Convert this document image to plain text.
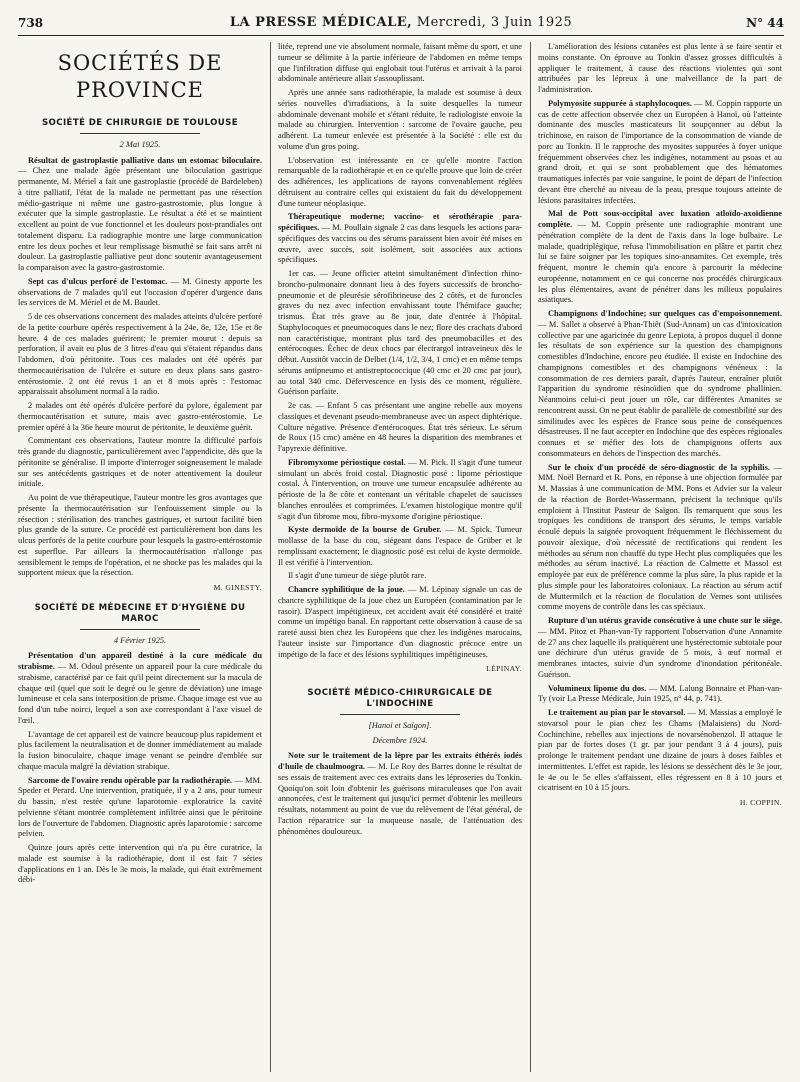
738	LA PRESSE MÉDICALE, Mercredi, 3 Juin 1925	N° 44
SOCIÉTÉS DE PROVINCE
SOCIÉTÉ DE CHIRURGIE DE TOULOUSE
2 Mai 1925.

Résultat de gastroplastie palliative dans un estomac biloculaire. — Chez une malade âgée présentant une biloculation gastrique permanente, M. Mériel a fait une gastroplastie (procédé de Bardeleben) à titre palliatif, l'état de la malade ne permettant pas une résection médio-gastrique ni même une gastro-gastrostomie, plus longue à exécuter que la simple gastroplastie. Le résultat a été et se maintient excellent au point de vue fonctionnel et les douleurs post-prandiales ont totalement disparu. La radiographie montre une large communication entre les deux poches et leur remplissage bismuthé se fait sans arrêt ni douleur. La gastroplastie palliative peut donc soutenir avantageusement la comparaison avec la gastro-gastrostomie.

Sept cas d'ulcus perforé de l'estomac. — M. Ginesty apporte les observations de 7 malades qu'il eut l'occasion d'opérer d'urgence dans les services de M. Mériel et de M. Baudet.

5 de ces observations concernent des malades atteints d'ulcère perforé de la petite courbure opérés respectivement à la 24e, 8e, 12e, 15e et 8e heure. 4 de ces malades guérirent; le premier mourut : depuis sa perforation, il avait eu plus de 3 litres d'eau qui s'étaient répandus dans l'abdomen, d'où péritonite. Tous ces malades ont été opérés par thermocautérisation de l'ulcère et suture en deux plans sans gastro-entérostomie. 2 ont été revus 1 an et 8 mois après : l'estomac apparaissait absolument normal à la radio.

2 malades ont été opérés d'ulcère perforé du pylore, également par thermocautérisation et suture, mais avec gastro-entérostomie. Le premier opéré à la 36e heure mourut de péritonite, le deuxième guérit.

Commentant ces observations, l'auteur montre la difficulté parfois très grande du diagnostic, particulièrement avec l'appendicite, dès que la péritonite se généralise. Il importe d'interroger soigneusement le malade sur ses antécédents gastriques et de noter attentivement la douleur initiale.

Au point de vue thérapeutique, l'auteur montre les gros avantages que présente la thermocautérisation sur l'enfouissement simple ou la résection : stérilisation des tranches gastriques, et surtout facilité bien plus grande de la suture. Ce procédé est particulièrement bon dans les ulcus perforés de la petite courbure pour lesquels la gastro-entérostomie est superflue. Par ailleurs la thermocautérisation n'allonge pas sensiblement le temps de l'opération, et ne shocke pas les malades qui la supportent mieux que la résection.

M. GINESTY.
SOCIÉTÉ DE MÉDECINE ET D'HYGIÈNE DU MAROC
4 Février 1925.

Présentation d'un appareil destiné à la cure médicale du strabisme. — M. Odoul présente un appareil pour la cure médicale du strabisme, caractérisé par ce fait qu'il peint directement sur la macula de chaque œil (quel que soit le degré ou le genre de déviation) une image lumineuse et cela sans interposition de prisme. Chaque image est vue au fond d'un tube noirci, lequel a son axe correspondant à l'axe visuel de l'œil.

L'avantage de cet appareil est de vaincre beaucoup plus rapidement et plus facilement la neutralisation et de donner immédiatement au malade la fusion binoculaire, chaque image venant se peindre d'emblée sur chaque macula malgré la déviation strabique.

Sarcome de l'ovaire rendu opérable par la radiothérapie. — MM. Speder et Perard. Une intervention, pratiquée, il y a 2 ans, pour tumeur du bassin, n'est restée qu'une laparotomie exploratrice la cavité pelvienne s'étant montrée complètement infiltrée ainsi que le péritoine lors de l'ouverture de l'abdomen. Diagnostic après laparotomie : sarcome pelvien.

Quinze jours après cette intervention qui n'a pu être curatrice, la malade est soumise à la radiothérapie, dont il est fait 7 séries d'applications en 1 an. Dès le 3e mois, la malade, qui était extrêmement débi-

litée, reprend une vie absolument normale, faisant même du sport, et une tumeur se délimite à la partie inférieure de l'abdomen en même temps que l'infiltration diffuse qui englobait tout l'utérus et arrivait à la paroi abdominale antérieure allait s'assouplissant.

Après une année sans radiothérapie, la malade est soumise à deux séries nouvelles d'irradiations, à la suite desquelles la tumeur abdominale devenant mobile et s'étant réduite, le radiologiste envoie la malade au chirurgien. Intervention : sarcome de l'ovaire gauche, peu adhérent. La tumeur enlevée est présentée à la Société : elle est du volume d'un gros poing.

L'observation est intéressante en ce qu'elle montre l'action remarquable de la radiothérapie et en ce qu'elle prouve que loin de créer des adhérences, les applications de rayons convenablement réglées détruisent au contraire celles qui existaient du fait du développement d'une tumeur néoplasique.

Thérapeutique moderne; vaccino- et sérothérapie para-spécifiques. — M. Poullain signale 2 cas dans lesquels les actions para-spécifiques des vaccins ou des sérums paraissent bien avoir été mises en œuvre, avec succès, soit isolément, soit associées aux actions spécifiques.

1er cas. — Jeune officier atteint simultanément d'infection rhino-broncho-pulmonaire donnant lieu à des foyers successifs de broncho-pneumonie et de pleurésie sérofibrineuse des 2 côtés, et de furoncles graves du nez avec infection envahissant toute l'hémiface gauche; trismus. État très grave au 8e jour, date d'entrée à l'hôpital. Staphylocoques et pneumocoques dans le nez; flore des crachats d'abord non caractéristique, montrant plus tard des pneumobacilles et des entérocoques. Échec de deux chocs par électrargol intraveineux dès le début. Aussitôt vaccin de Delbet (1/4, 1/2, 3/4, 1 cmc) et en même temps sérums antipneumo et antistreptococcique (40 cmc et 20 cmc par jour), au total 340 cmc. Défervescence en lysis dès ce moment, régulière. Guérison parfaite.

2e cas. — Enfant 5 cas présentant une angine rebelle aux moyens classiques et devenant pseudo-membraneuse avec un aspect diphtérique. Culture négative. Présence d'entérocoques. État très sérieux. Le sérum de Roux (15 cmc) amène en 48 heures la disparition des membranes et l'apyrexie définitive.

Fibromyxome périostique costal. — M. Pick. Il s'agit d'une tumeur simulant un abcès froid costal. Diagnostic posé : lipome périostique costal. À l'intervention, on trouve une tumeur encapsulée adhérente au périoste de la 8e côte et contenant un véritable chapelet de saucisses blanches enroulées et comprimées. L'examen histologique montre qu'il s'agit d'un fibrome mou, fibro-myxome d'origine périostique.

Kyste dermoïde de la bourse de Gruber. — M. Spick. Tumeur mollasse de la base du cou, siégeant dans l'espace de Grüber et le remplissant exactement; le diagnostic posé est celui de kyste dermoïde. Il est vérifié à l'intervention.

Il s'agit d'une tumeur de siège plutôt rare.

Chancre syphilitique de la joue. — M. Lépinay signale un cas de chancre syphilitique de la joue chez un Européen (contamination par le rasoir). D'aspect impétigineux, cet accident avait été considéré et traité comme un impétigo banal. En rapportant cette observation à cause de sa rareté aussi bien chez les Européens que chez les indigènes marocains, l'auteur insiste sur l'importance d'un diagnostic précoce entre un impétigo de la face et des lésions syphilitiques impétigineuses.

LÉPINAY.
SOCIÉTÉ MÉDICO-CHIRURGICALE DE L'INDOCHINE
[Hanoï et Saïgon].
Décembre 1924.

Note sur le traitement de la lèpre par les extraits éthérés iodés d'huile de chaulmoogra. — M. Le Roy des Barres donne le résultat de ses essais de traitement avec ces extraits dans les léproseries du Tonkin. Quoiqu'on soit loin d'obtenir les guérisons miraculeuses que l'on avait annoncées, c'est le traitement qui jusqu'ici permet d'obtenir les meilleurs résultats, notamment au point de vue du relèvement de l'état général, de l'action réparatrice sur la muqueuse nasale, de l'atténuation des phénomènes douloureux.

L'amélioration des lésions cutanées est plus lente à se faire sentir et moins constante. On éprouve au Tonkin d'assez grosses difficultés à appliquer le traitement, à cause des réactions violentes qui sont attribuées par les lépreux à une malveillance de la part de l'administration.

Polymyosite suppurée à staphylocoques. — M. Coppin rapporte un cas de cette affection observée chez un Européen à Hanoï, où l'atteinte dominante des muscles masticateurs lit soupçonner au début la trichinose, en raison de l'importance de la consommation de viande de porc au Tonkin. Il le rapproche des myosites suppurées à foyer unique fréquemment observées chez les indigènes, notamment au psoas et au grand droit, et qui se sont probablement que des hématomes traumatiques infectés par voie sanguine, le point de départ de l'infection devant être cherché au niveau de la peau, presque toujours atteinte de lésions parasitaires infectées.

Mal de Pott sous-occipital avec luxation atloïdo-axoïdienne complète. — M. Coppin présente une radiographie montrant une pénétration complète de la dent de l'axis dans la loge bulbaire. Le malade, quadriplégique, refusa l'immobilisation en plâtre et partit chez lui se faire soigner par les topiques sino-annamites. Cet exemple, très fréquent, montre le chemin qu'a encore à parcourir la médecine européenne, notamment en ce qui concerne nos procédés chirurgicaux les plus élémentaires, avant de pénétrer dans les milieux populaires asiatiques.

Champignons d'Indochine; sur quelques cas d'empoisonnement. — M. Sallet a observé à Phan-Thiêt (Sud-Annam) un cas d'intoxication collective par une agaricinée du genre Lepiota, à propos duquel il donne les résultats de son expérience sur la question des champignons comestibles d'Indochine, encore peu étudiée. Il existe en Indochine des champignons comestibles et des champignons vénéneux : la consommation de ces derniers paraît, d'après l'auteur, entraîner plutôt l'apparition du syndrome résinoïdien que du syndrome phallinien. Néanmoins celui-ci peut jouer un rôle, car différentes Amanites se rencontrent aussi. On ne peut établir de parallèle de comestibilité sur des similitudes avec les espèces de France sous peine de conséquences désastreuses. Il ne faut accepter en Indochine que des espèces régionales connues et se méfier des lots de champignons offerts aux consommateurs en dehors de l'inspection des marchés.

Sur le choix d'un procédé de séro-diagnostic de la syphilis. — MM. Noël Bernard et R. Pons, en réponse à une objection formulée par M. Massias à une communication de MM. Pons et Advier sur la valeur de la réaction de Bordet-Wassermann, précisent la technique qu'ils emploient à l'Institut Pasteur de Saïgon. Ils remarquent que sous les tropiques les conditions de transport des sérums, le temps variable écoulé depuis la saignée provoquent fréquemment le fléchissement du pouvoir alexique, d'où nécessité de rectifications qui rendent les méthodes au sérum non chauffé du type Hecht plus compliquées que les méthodes au sérum inactivé. La réaction de Calmette et Massol est employée par eux de préférence comme la plus sûre, la plus rapide et la plus simple pour les laboratoires coloniaux. La réaction au sérum actif de Muttermilch et la réaction de floculation de Vernes sont utilisées comme moyens de contrôle dans les cas spéciaux.

Rupture d'un utérus gravide consécutive à une chute sur le siège. — MM. Pitoz et Phan-van-Ty rapportent l'observation d'une Annamite de 27 ans chez laquelle ils pratiquèrent une hystérectomie subtotale pour une déchirure d'un utérus gravide de 5 mois, à œuf normal et membranes intactes, suivie d'un syndrome d'inondation péritonéale. Guérison.

Volumineux lipome du dos. — MM. Lalung Bonnaire et Phan-van-Ty (voir La Presse Médicale, Juin 1925, n° 44, p. 741).

Le traitement au pian par le stovarsol. — M. Massias a employé le stovarsol pour le pian chez les Chams (Malaisiens) du Nord-Cochinchine, rebelles aux injections de novarsénobenzol. Il attaque le pian par de fortes doses (1 gr. par jour pendant 3 à 4 jours), puis prolonge le traitement pendant une dizaine de jours à doses faibles et intermittentes. L'effet est rapide, les lésions se dessèchent dès le 3e jour, le 4e ou le 5e elles s'affaissent, elles régressent en 8 à 10 jours et cicatrisent en 10 à 15 jours.

H. COPPIN.
